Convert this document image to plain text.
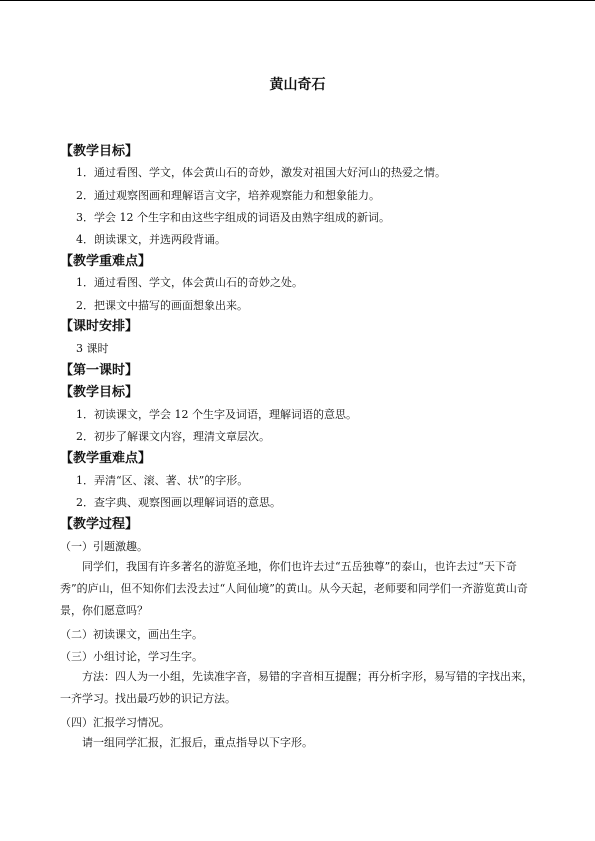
黄山奇石
【教学目标】
1．通过看图、学文，体会黄山石的奇妙，激发对祖国大好河山的热爱之情。
2．通过观察图画和理解语言文字，培养观察能力和想象能力。
3．学会 12 个生字和由这些字组成的词语及由熟字组成的新词。
4．朗读课文，并选两段背诵。
【教学重难点】
1．通过看图、学文，体会黄山石的奇妙之处。
2．把课文中描写的画面想象出来。
【课时安排】
3 课时
【第一课时】
【教学目标】
1．初读课文，学会 12 个生字及词语，理解词语的意思。
2．初步了解课文内容，理清文章层次。
【教学重难点】
1．弄清“区、滚、著、状”的字形。
2．查字典、观察图画以理解词语的意思。
【教学过程】
（一）引题激趣。
同学们，我国有许多著名的游览圣地，你们也许去过“五岳独尊”的泰山，也许去过“天下奇秀”的庐山，但不知你们去没去过“人间仙境”的黄山。从今天起，老师要和同学们一齐游览黄山奇景，你们愿意吗？
（二）初读课文，画出生字。
（三）小组讨论，学习生字。
方法：四人为一小组，先读准字音，易错的字音相互提醒；再分析字形，易写错的字找出来，一齐学习。找出最巧妙的识记方法。
（四）汇报学习情况。
请一组同学汇报，汇报后，重点指导以下字形。
